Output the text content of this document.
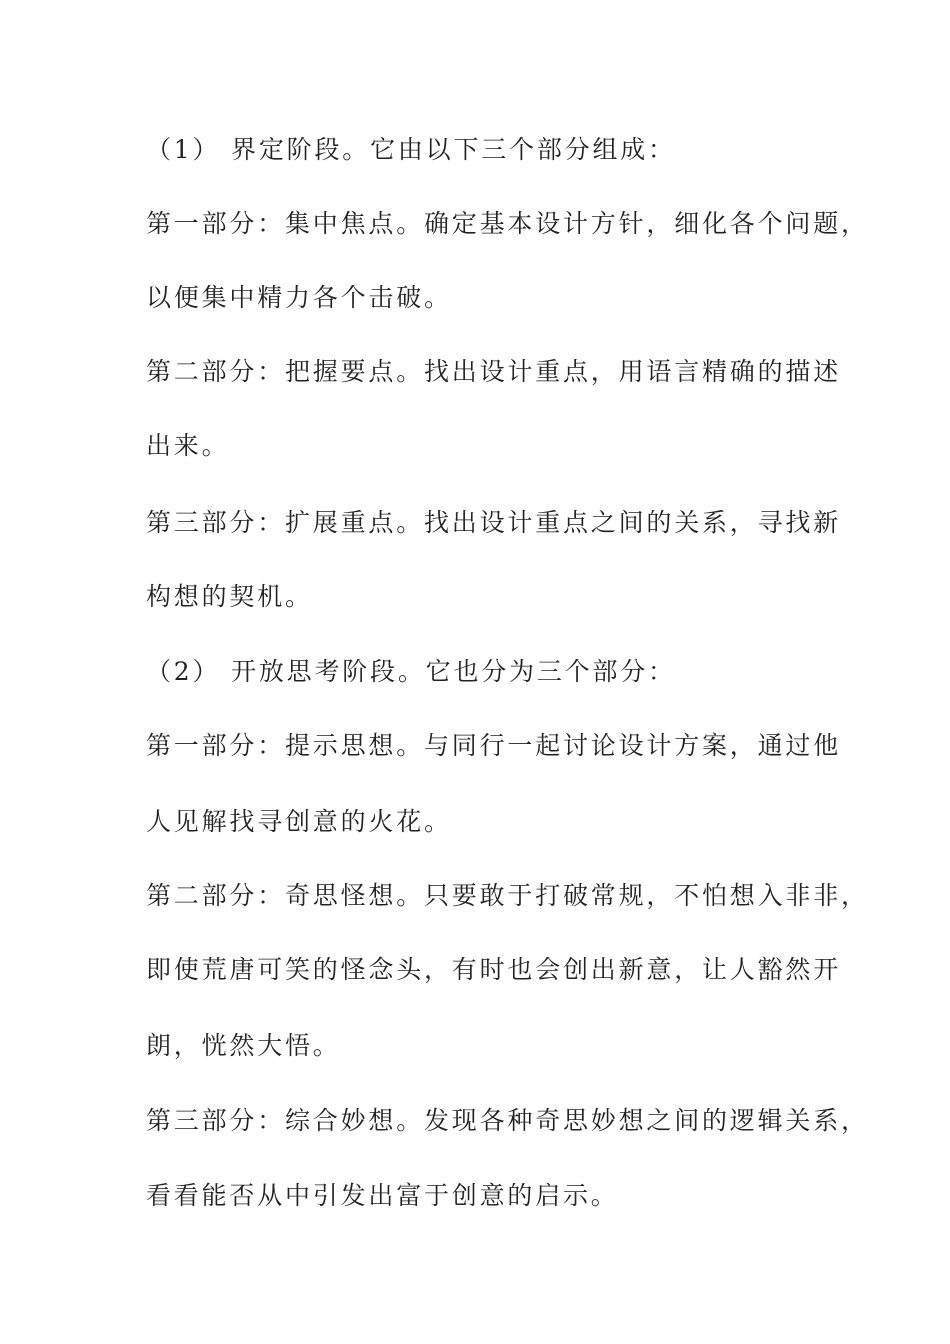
（1） 界定阶段。它由以下三个部分组成：
第一部分：集中焦点。确定基本设计方针，细化各个问题，
以便集中精力各个击破。
第二部分：把握要点。找出设计重点，用语言精确的描述
出来。
第三部分：扩展重点。找出设计重点之间的关系，寻找新
构想的契机。
（2） 开放思考阶段。它也分为三个部分：
第一部分：提示思想。与同行一起讨论设计方案，通过他
人见解找寻创意的火花。
第二部分：奇思怪想。只要敢于打破常规，不怕想入非非，
即使荒唐可笑的怪念头，有时也会创出新意，让人豁然开
朗，恍然大悟。
第三部分：综合妙想。发现各种奇思妙想之间的逻辑关系，
看看能否从中引发出富于创意的启示。
